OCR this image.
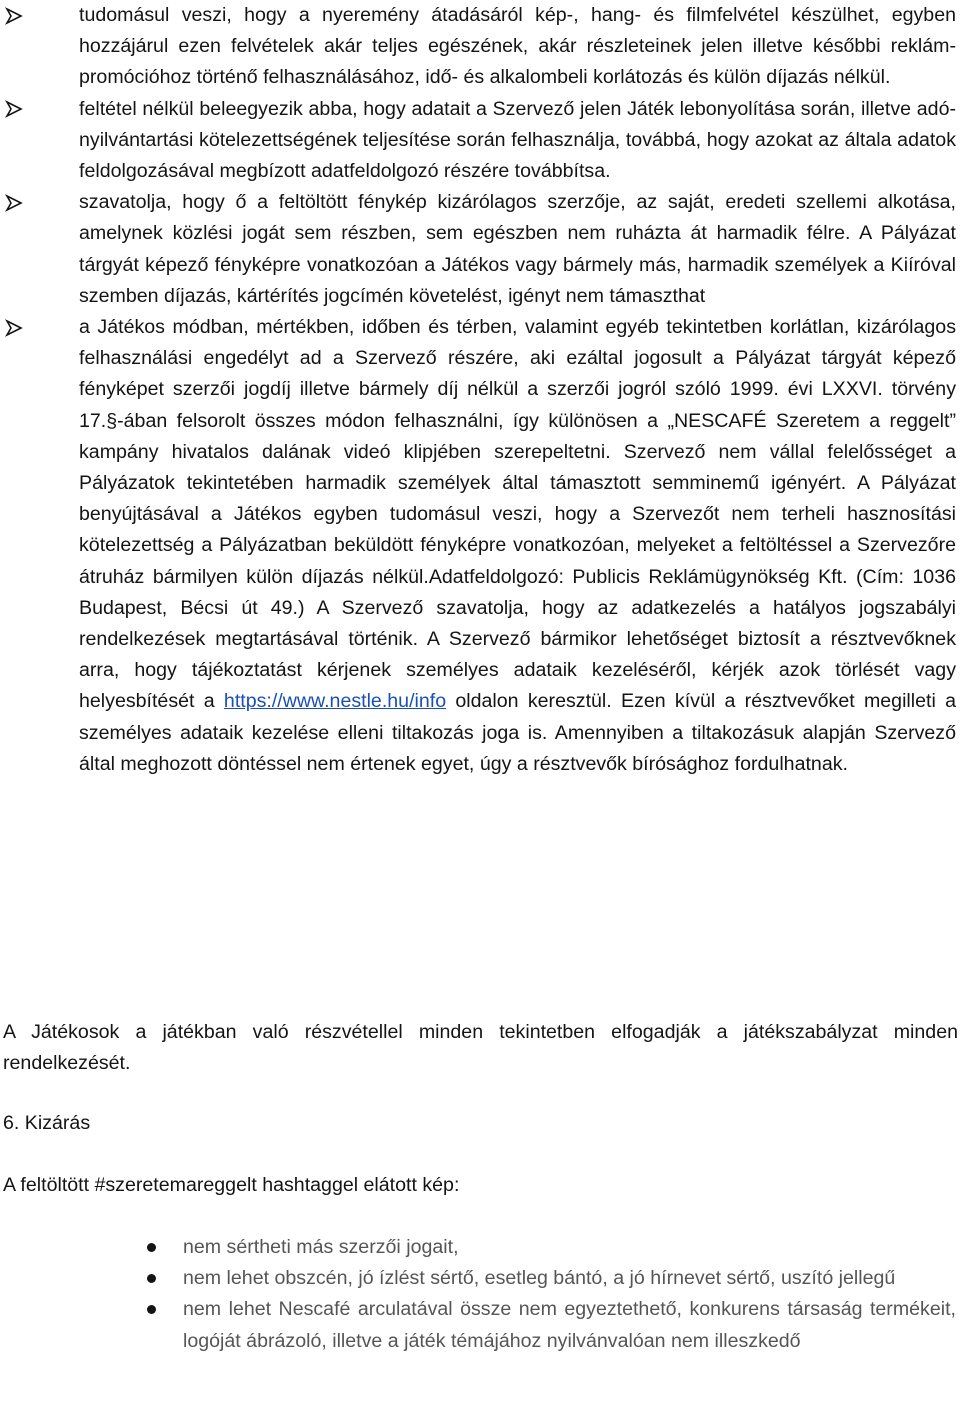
tudomásul veszi, hogy a nyeremény átadásáról kép-, hang- és filmfelvétel készülhet, egyben hozzájárul ezen felvételek akár teljes egészének, akár részleteinek jelen illetve későbbi reklám-promócióhoz történő felhasználásához, idő- és alkalombeli korlátozás és külön díjazás nélkül.

feltétel nélkül beleegyezik abba, hogy adatait a Szervező jelen Játék lebonyolítása során, illetve adó-nyilvántartási kötelezettségének teljesítése során felhasználja, továbbá, hogy azokat az általa adatok feldolgozásával megbízott adatfeldolgozó részére továbbítsa.

szavatolja, hogy ő a feltöltött fénykép kizárólagos szerzője, az saját, eredeti szellemi alkotása, amelynek közlési jogát sem részben, sem egészben nem ruházta át harmadik félre. A Pályázat tárgyát képező fényképre vonatkozóan a Játékos vagy bármely más, harmadik személyek a Kiíróval szemben díjazás, kártérítés jogcímén követelést, igényt nem támaszthat

a Játékos módban, mértékben, időben és térben, valamint egyéb tekintetben korlátlan, kizárólagos felhasználási engedélyt ad a Szervező részére, aki ezáltal jogosult a Pályázat tárgyát képező fényképet szerzői jogdíj illetve bármely díj nélkül a szerzői jogról szóló 1999. évi LXXVI. törvény 17.§-ában felsorolt összes módon felhasználni, így különösen a „NESCAFÉ Szeretem a reggelt” kampány hivatalos dalának videó klipjében szerepeltetni. Szervező nem vállal felelősséget a Pályázatok tekintetében harmadik személyek által támasztott semminemű igényért. A Pályázat benyújtásával a Játékos egyben tudomásul veszi, hogy a Szervezőt nem terheli hasznosítási kötelezettség a Pályázatban beküldött fényképre vonatkozóan, melyeket a feltöltéssel a Szervezőre átruház bármilyen külön díjazás nélkül.Adatfeldolgozó: Publicis Reklámügynökség Kft. (Cím: 1036 Budapest, Bécsi út 49.) A Szervező szavatolja, hogy az adatkezelés a hatályos jogszabályi rendelkezések megtartásával történik. A Szervező bármikor lehetőséget biztosít a résztvevőknek arra, hogy tájékoztatást kérjenek személyes adataik kezeléséről, kérjék azok törlését vagy helyesbítését a https://www.nestle.hu/info oldalon keresztül. Ezen kívül a résztvevőket megilleti a személyes adataik kezelése elleni tiltakozás joga is. Amennyiben a tiltakozásuk alapján Szervező által meghozott döntéssel nem értenek egyet, úgy a résztvevők bírósághoz fordulhatnak.

A Játékosok a játékban való részvétellel minden tekintetben elfogadják a játékszabályzat minden rendelkezését.

6. Kizárás

A feltöltött #szeretemareggelt hashtaggel elátott kép:

nem sértheti más szerzői jogait,

nem lehet obszcén, jó ízlést sértő, esetleg bántó, a jó hírnevet sértő, uszító jellegű

nem lehet Nescafé arculatával össze nem egyeztethető, konkurens társaság termékeit, logóját ábrázoló, illetve a játék témájához nyilvánvalóan nem illeszkedő
